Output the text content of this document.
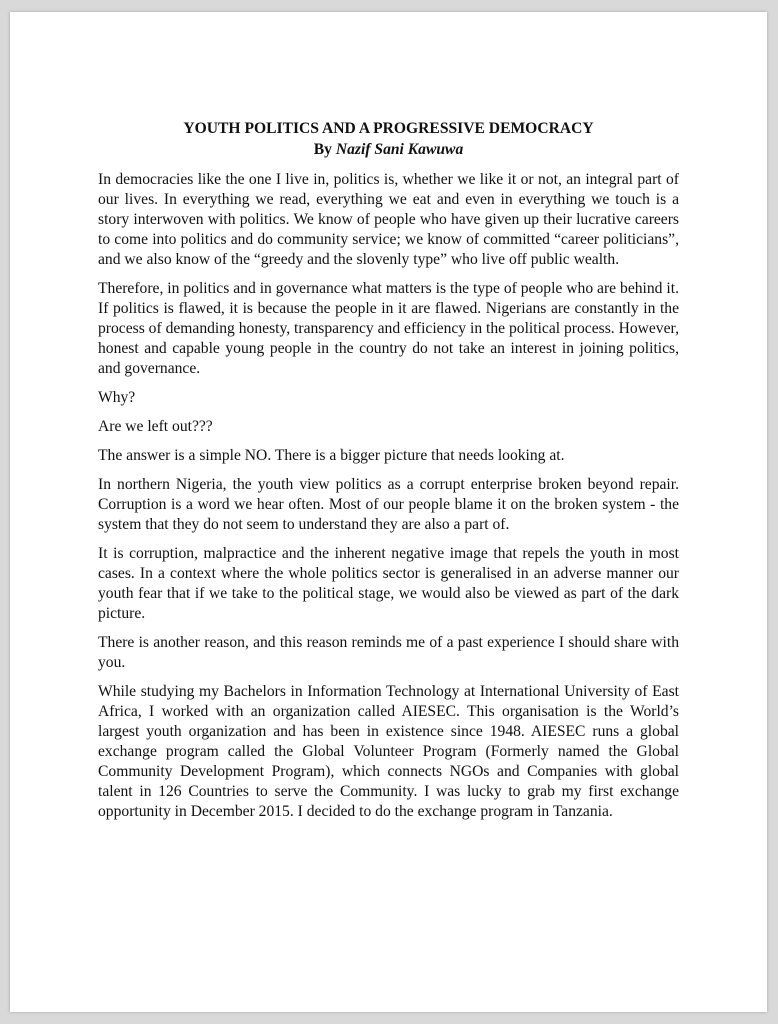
YOUTH POLITICS AND A PROGRESSIVE DEMOCRACY

By Nazif Sani Kawuwa

In democracies like the one I live in, politics is, whether we like it or not, an integral part of our lives. In everything we read, everything we eat and even in everything we touch is a story interwoven with politics. We know of people who have given up their lucrative careers to come into politics and do community service; we know of committed “career politicians”, and we also know of the “greedy and the slovenly type” who live off public wealth.

Therefore, in politics and in governance what matters is the type of people who are behind it. If politics is flawed, it is because the people in it are flawed. Nigerians are constantly in the process of demanding honesty, transparency and efficiency in the political process. However, honest and capable young people in the country do not take an interest in joining politics, and governance.

Why?

Are we left out???

The answer is a simple NO. There is a bigger picture that needs looking at.

In northern Nigeria, the youth view politics as a corrupt enterprise broken beyond repair. Corruption is a word we hear often. Most of our people blame it on the broken system - the system that they do not seem to understand they are also a part of.

It is corruption, malpractice and the inherent negative image that repels the youth in most cases. In a context where the whole politics sector is generalised in an adverse manner our youth fear that if we take to the political stage, we would also be viewed as part of the dark picture.

There is another reason, and this reason reminds me of a past experience I should share with you.

While studying my Bachelors in Information Technology at International University of East Africa, I worked with an organization called AIESEC. This organisation is the World’s largest youth organization and has been in existence since 1948. AIESEC runs a global exchange program called the Global Volunteer Program (Formerly named the Global Community Development Program), which connects NGOs and Companies with global talent in 126 Countries to serve the Community. I was lucky to grab my first exchange opportunity in December 2015. I decided to do the exchange program in Tanzania.
